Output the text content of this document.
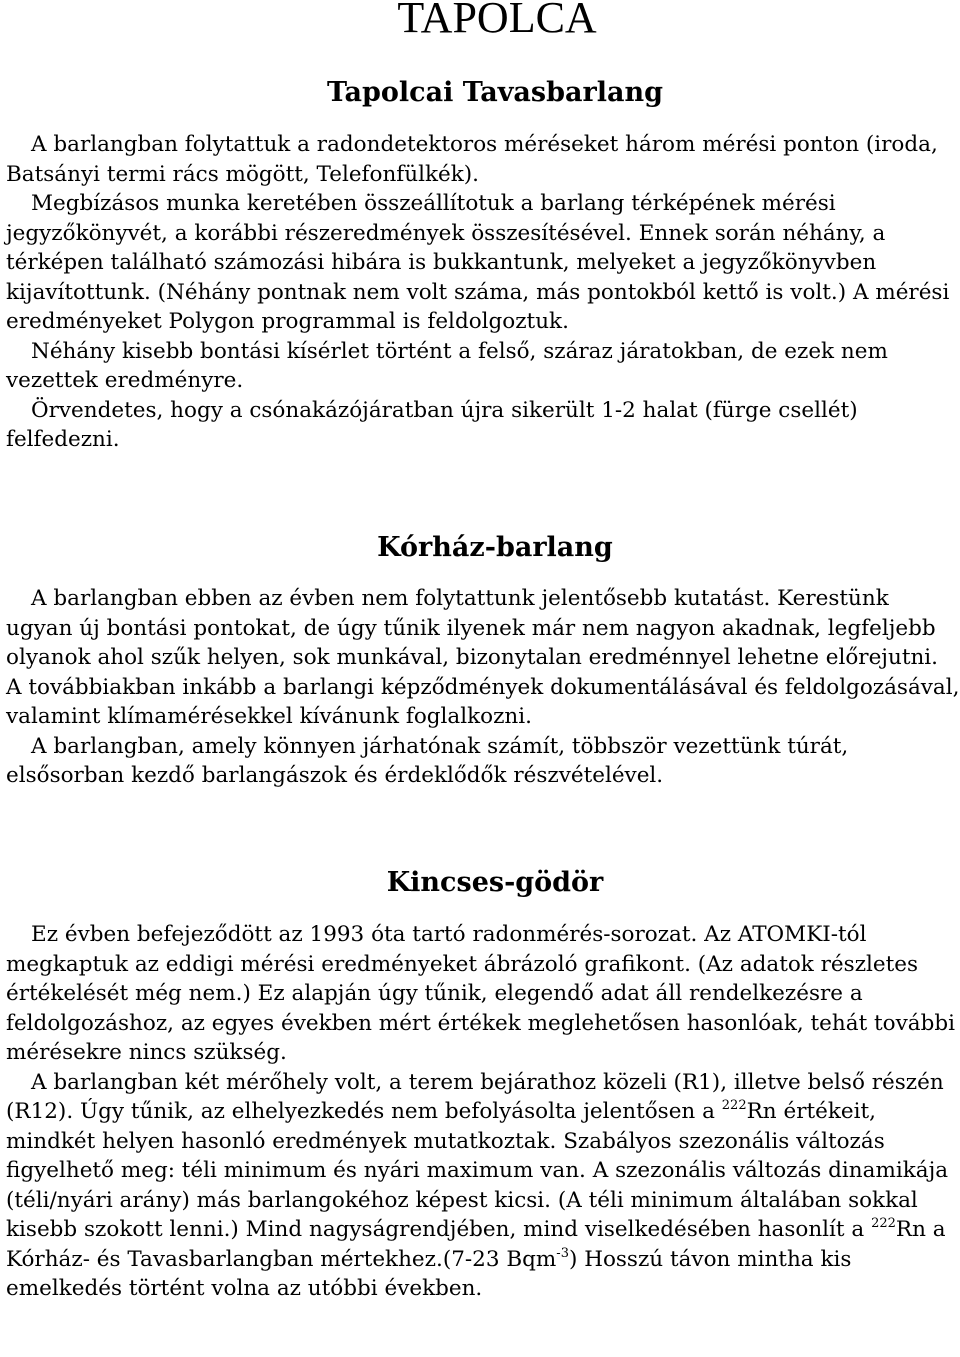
TAPOLCA
Tapolcai Tavasbarlang

A barlangban folytattuk a radondetektoros méréseket három mérési ponton (iroda, Batsányi termi rács mögött, Telefonfülkék).

Megbízásos munka keretében összeállítotuk a barlang térképének mérési jegyzőkönyvét, a korábbi részeredmények összesítésével. Ennek során néhány, a térképen található számozási hibára is bukkantunk, melyeket a jegyzőkönyvben kijavítottunk. (Néhány pontnak nem volt száma, más pontokból kettő is volt.) A mérési eredményeket Polygon programmal is feldolgoztuk.

Néhány kisebb bontási kísérlet történt a felső, száraz járatokban, de ezek nem vezettek eredményre.

Örvendetes, hogy a csónakázójáratban újra sikerült 1-2 halat (fürge csellét) felfedezni.

Kórház-barlang

A barlangban ebben az évben nem folytattunk jelentősebb kutatást. Kerestünk ugyan új bontási pontokat, de úgy tűnik ilyenek már nem nagyon akadnak, legfeljebb olyanok ahol szűk helyen, sok munkával, bizonytalan eredménnyel lehetne előrejutni. A továbbiakban inkább a barlangi képződmények dokumentálásával és feldolgozásával, valamint klímamérésekkel kívánunk foglalkozni.

A barlangban, amely könnyen járhatónak számít, többször vezettünk túrát, elsősorban kezdő barlangászok és érdeklődők részvételével.

Kincses-gödör

Ez évben befejeződött az 1993 óta tartó radonmérés-sorozat. Az ATOMKI-tól megkaptuk az eddigi mérési eredményeket ábrázoló grafikont. (Az adatok részletes értékelését még nem.) Ez alapján úgy tűnik, elegendő adat áll rendelkezésre a feldolgozáshoz, az egyes években mért értékek meglehetősen hasonlóak, tehát további mérésekre nincs szükség.

A barlangban két mérőhely volt, a terem bejárathoz közeli (R1), illetve belső részén (R12). Úgy tűnik, az elhelyezkedés nem befolyásolta jelentősen a $^{222}$Rn értékeit, mindkét helyen hasonló eredmények mutatkoztak. Szabályos szezonális változás figyelhető meg: téli minimum és nyári maximum van. A szezonális változás dinamikája (téli/nyári arány) más barlangokéhoz képest kicsi. (A téli minimum általában sokkal kisebb szokott lenni.) Mind nagyságrendjében, mind viselkedésében hasonlít a $^{222}$Rn a Kórház- és Tavasbarlangban mértekhez.(7-23 Bqm$^{-3}$) Hosszú távon mintha kis emelkedés történt volna az utóbbi években.
